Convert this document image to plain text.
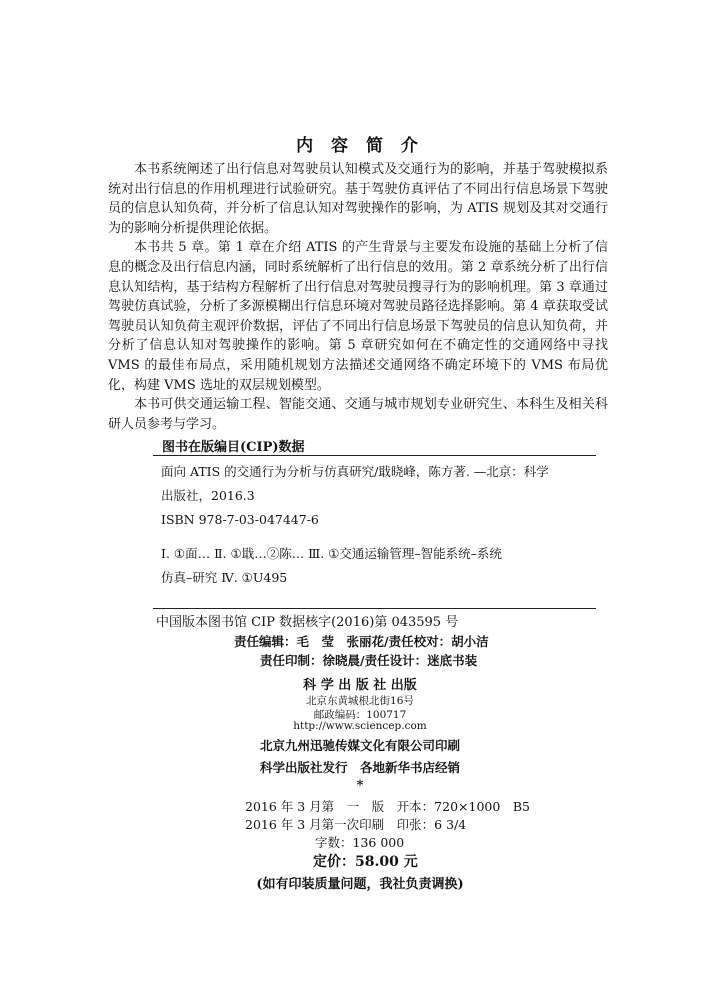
内 容 简 介

本书系统阐述了出行信息对驾驶员认知模式及交通行为的影响，并基于驾驶模拟系统对出行信息的作用机理进行试验研究。基于驾驶仿真评估了不同出行信息场景下驾驶员的信息认知负荷，并分析了信息认知对驾驶操作的影响，为 ATIS 规划及其对交通行为的影响分析提供理论依据。

本书共 5 章。第 1 章在介绍 ATIS 的产生背景与主要发布设施的基础上分析了信息的概念及出行信息内涵，同时系统解析了出行信息的效用。第 2 章系统分析了出行信息认知结构，基于结构方程解析了出行信息对驾驶员搜寻行为的影响机理。第 3 章通过驾驶仿真试验，分析了多源模糊出行信息环境对驾驶员路径选择影响。第 4 章获取受试驾驶员认知负荷主观评价数据，评估了不同出行信息场景下驾驶员的信息认知负荷，并分析了信息认知对驾驶操作的影响。第 5 章研究如何在不确定性的交通网络中寻找 VMS 的最佳布局点，采用随机规划方法描述交通网络不确定环境下的 VMS 布局优化，构建 VMS 选址的双层规划模型。

本书可供交通运输工程、智能交通、交通与城市规划专业研究生、本科生及相关科研人员参考与学习。

图书在版编目(CIP)数据
面向 ATIS 的交通行为分析与仿真研究/戢晓峰，陈方著. —北京：科学
出版社，2016.3
ISBN 978-7-03-047447-6
Ⅰ. ①面… Ⅱ. ①戢…②陈… Ⅲ. ①交通运输管理–智能系统–系统
仿真–研究 Ⅳ. ①U495
中国版本图书馆 CIP 数据核字(2016)第 043595 号
责任编辑：毛　莹　张丽花/责任校对：胡小洁
责任印制：徐晓晨/责任设计：迷底书装
科 学 出 版 社 出版
北京东黄城根北街16号
邮政编码：100717
http://www.sciencep.com
北京九州迅驰传媒文化有限公司印刷
科学出版社发行　各地新华书店经销
*
2016 年 3 月第　一　版　开本：720×1000　B5
2016 年 3 月第一次印刷　印张：6 3/4
字数：136 000
定价：58.00 元
(如有印装质量问题，我社负责调换)
